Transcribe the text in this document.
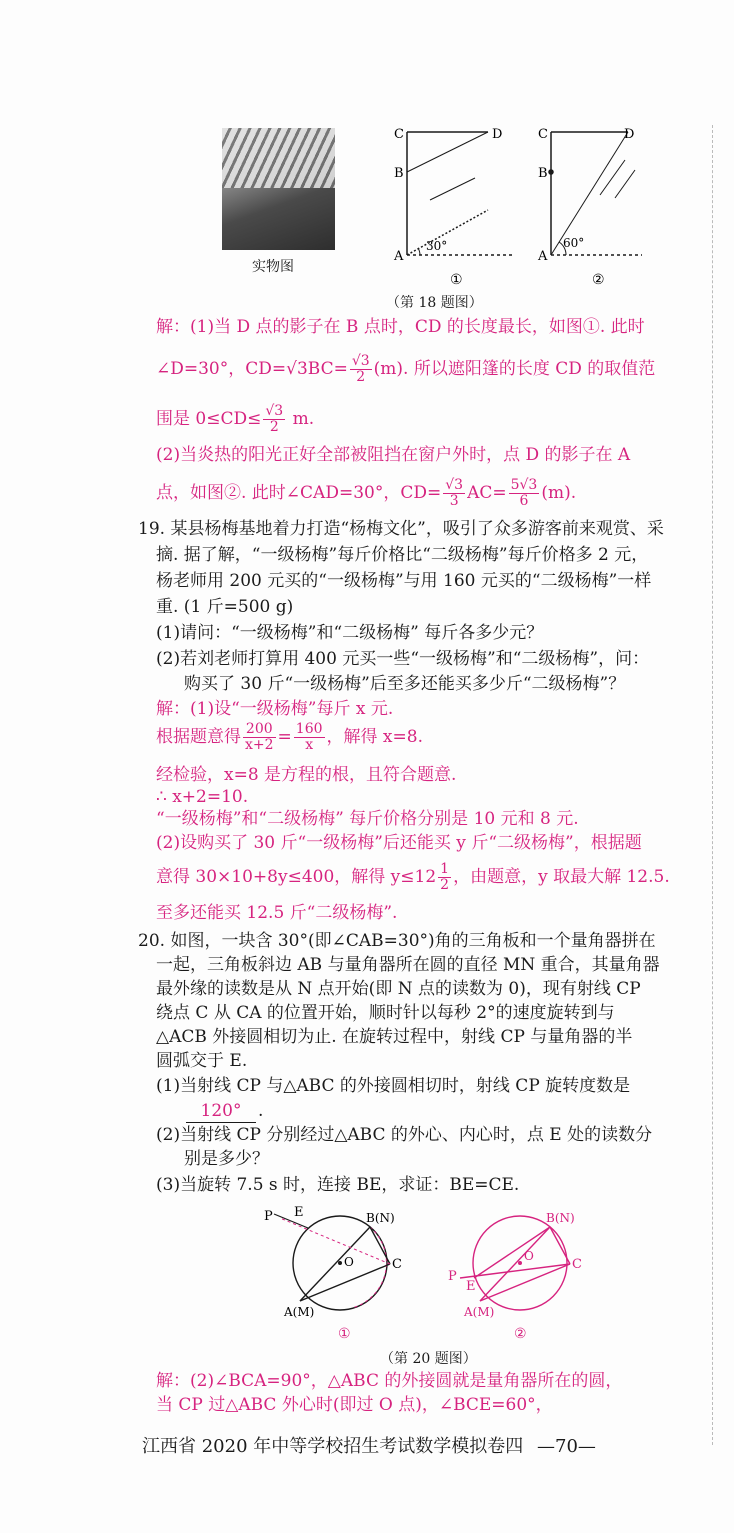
实物图
C	D
B
A
30°
①
C	D
B
A
60°
②
（第 18 题图）
解：(1)当 D 点的影子在 B 点时，CD 的长度最长，如图①. 此时
∠D=30°，$CD=√3BC= \frac{√3}{2} (m)$. 所以遮阳篷的长度 CD 的取值范
围是 $0\le CD\le \frac{√3}{2} m$.
(2)当炎热的阳光正好全部被阻挡在窗户外时，点 D 的影子在 A
点，如图②. 此时∠CAD=30°，$CD= \frac{√3}{3} AC= \frac{5√3}{6} (m)$.
19. 某县杨梅基地着力打造“杨梅文化”，吸引了众多游客前来观赏、采
摘. 据了解，“一级杨梅”每斤价格比“二级杨梅”每斤价格多 2 元，
杨老师用 200 元买的“一级杨梅”与用 160 元买的“二级杨梅”一样
重. (1 斤=500 g)
(1)请问：“一级杨梅”和“二级杨梅” 每斤各多少元？
(2)若刘老师打算用 400 元买一些“一级杨梅”和“二级杨梅”，问：
购买了 30 斤“一级杨梅”后至多还能买多少斤“二级杨梅”？
解：(1)设“一级杨梅”每斤 x 元.
根据题意得 $\frac{200}{x+2} = \frac{160}{x}$ ，解得 x=8.
经检验，x=8 是方程的根，且符合题意.
∴ x+2=10.
“一级杨梅”和“二级杨梅” 每斤价格分别是 10 元和 8 元.
(2)设购买了 30 斤“一级杨梅”后还能买 y 斤“二级杨梅”，根据题
意得 30×10+8y≤400，解得 $y\le 12 \frac{1}{2}$ ，由题意，y 取最大解 12.5.
至多还能买 12.5 斤“二级杨梅”.
20. 如图，一块含 30°(即∠CAB=30°)角的三角板和一个量角器拼在
一起，三角板斜边 AB 与量角器所在圆的直径 MN 重合，其量角器
最外缘的读数是从 N 点开始(即 N 点的读数为 0)，现有射线 CP
绕点 C 从 CA 的位置开始，顺时针以每秒 2°的速度旋转到与
△ACB 外接圆相切为止. 在旋转过程中，射线 CP 与量角器的半
圆弧交于 E.
(1)当射线 CP 与△ABC 的外接圆相切时，射线 CP 旋转度数是
120° .
(2)当射线 CP 分别经过△ABC 的外心、内心时，点 E 处的读数分
别是多少？
(3)当旋转 7.5 s 时，连接 BE，求证：BE=CE.
P E	B(N)
O	C
A(M)
①
P
E
B(N)
O
C
A(M)
②
（第 20 题图）
解：(2)∠BCA=90°，△ABC 的外接圆就是量角器所在的圆，
当 CP 过△ABC 外心时(即过 O 点)，∠BCE=60°，
江西省 2020 年中等学校招生考试数学模拟卷四 —70—
